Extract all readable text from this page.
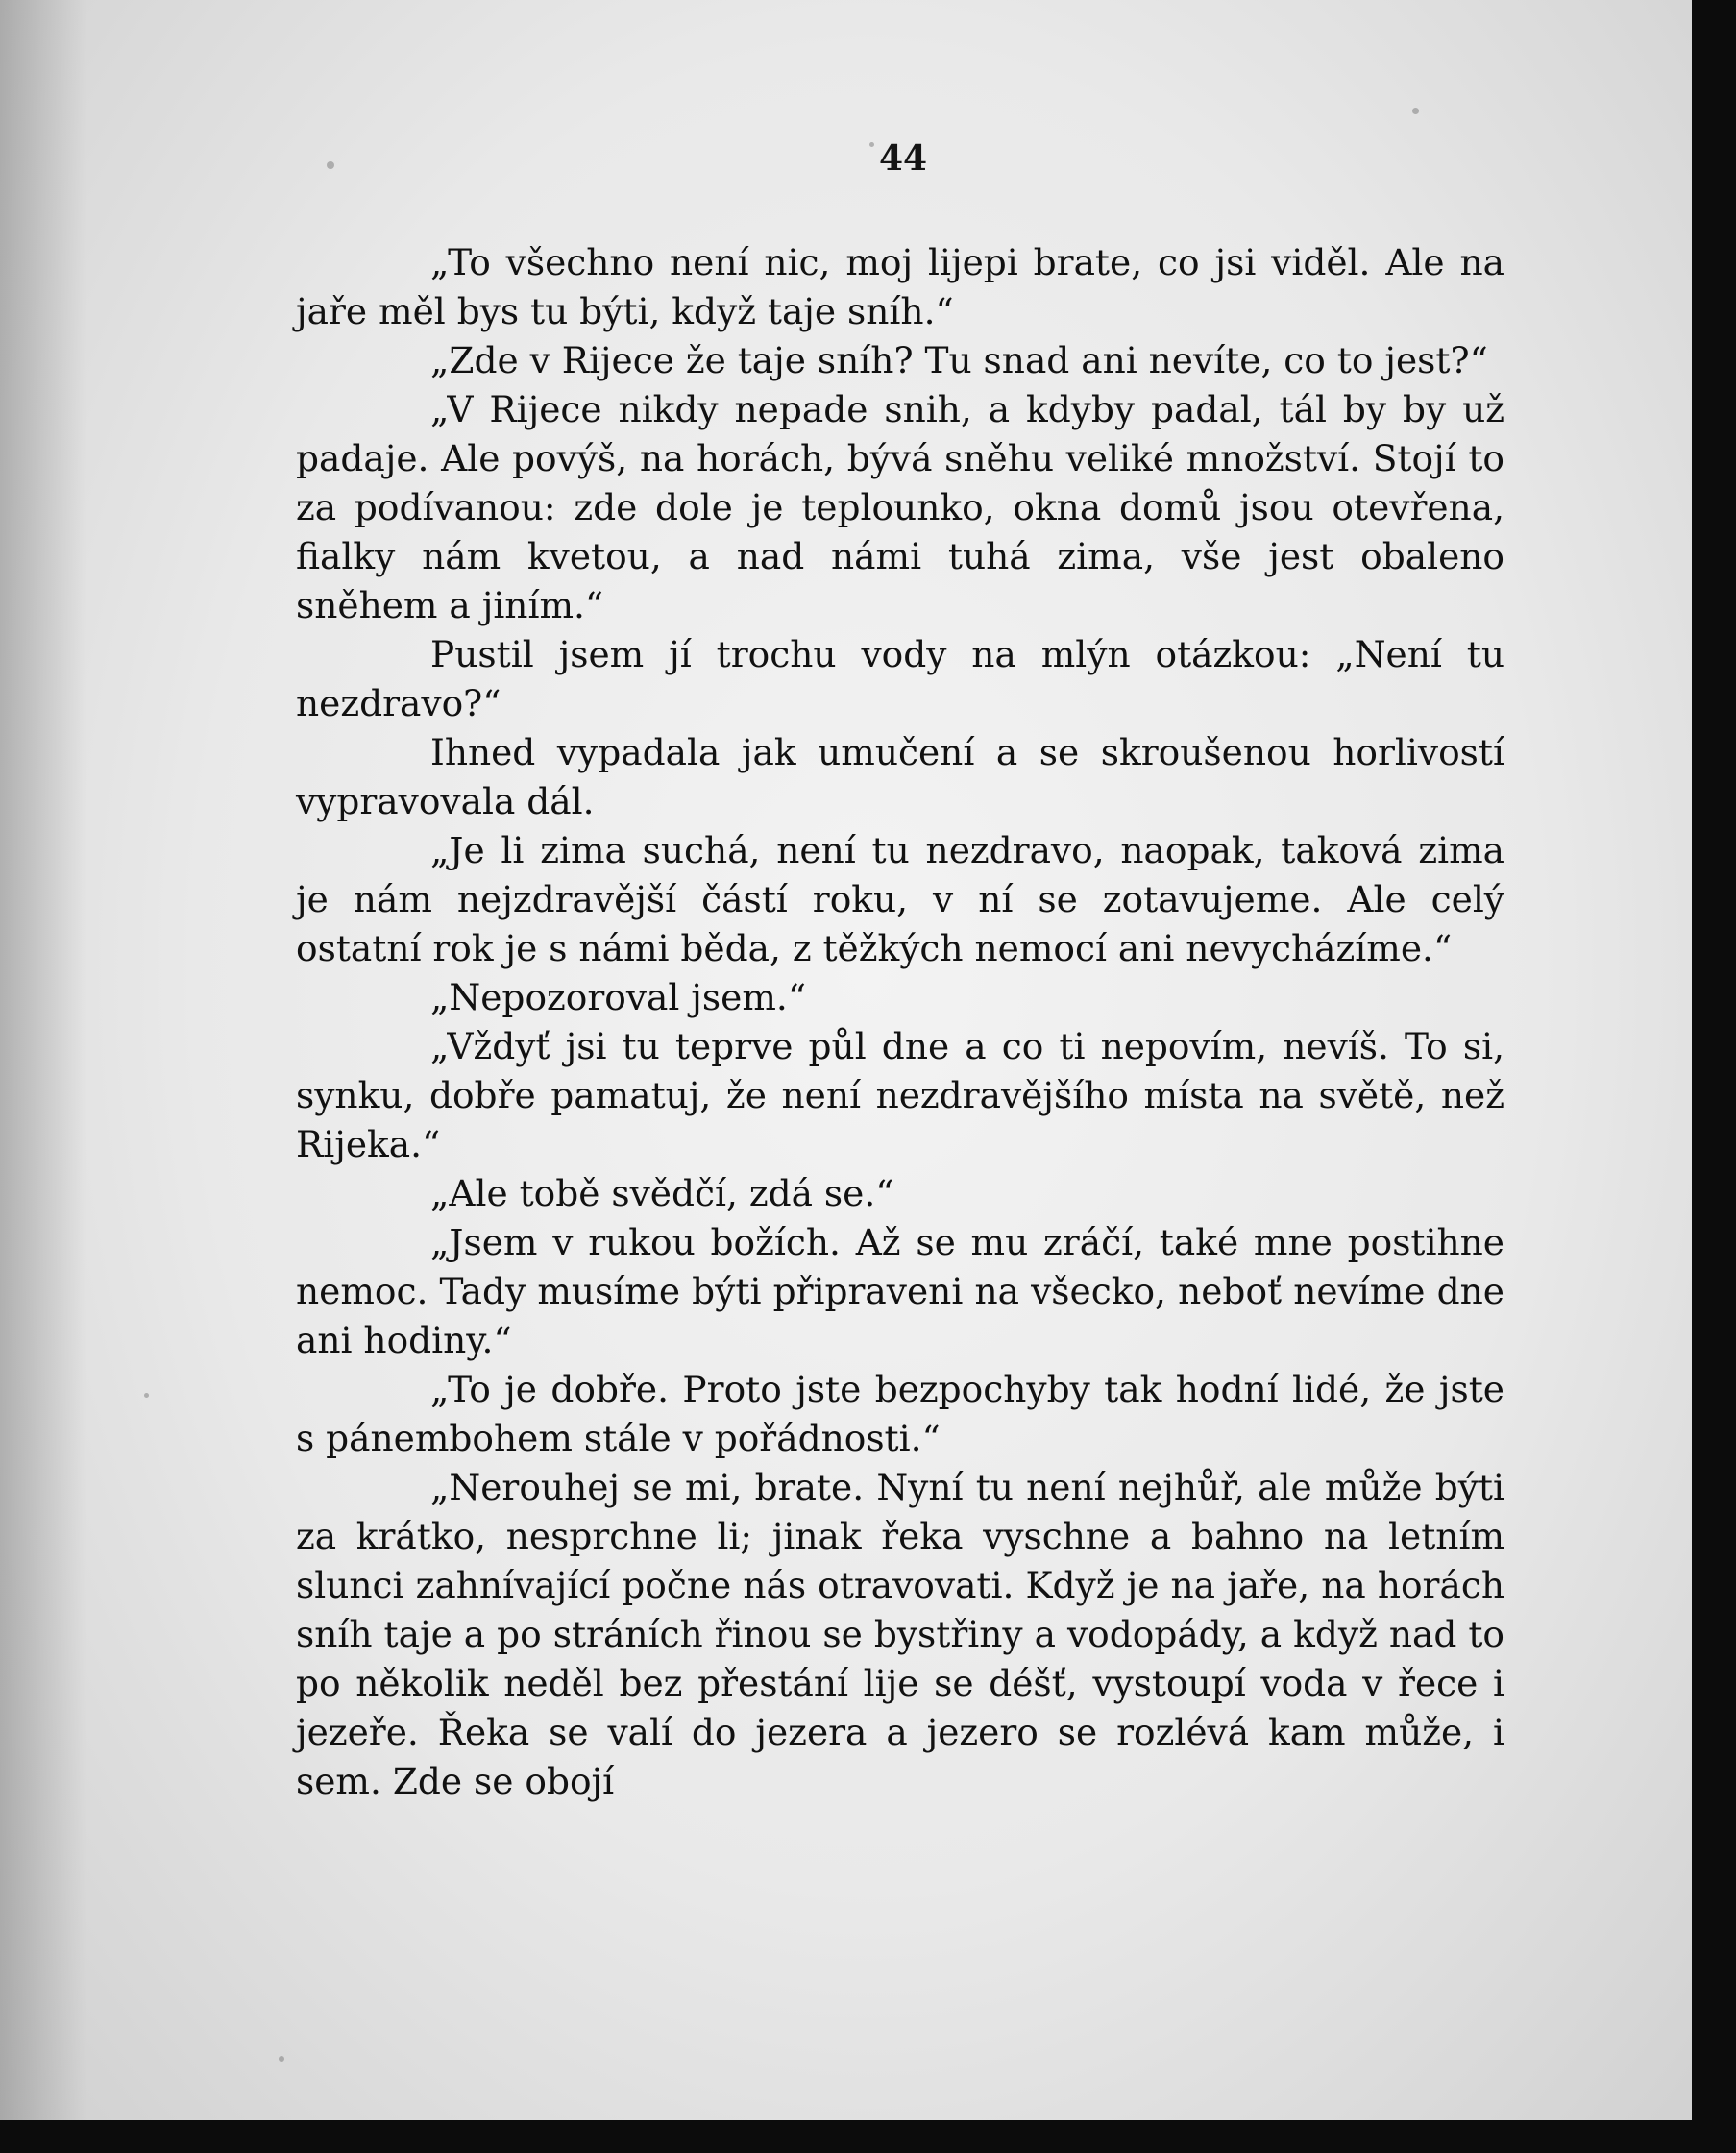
44

„To všechno není nic, moj lijepi brate, co jsi viděl. Ale na jaře měl bys tu býti, když taje sníh.“

„Zde v Rijece že taje sníh? Tu snad ani nevíte, co to jest?“

„V Rijece nikdy nepade snih, a kdyby padal, tál by by už padaje. Ale povýš, na horách, bývá sněhu veliké množství. Stojí to za podívanou: zde dole je teplounko, okna domů jsou otevřena, fialky nám kvetou, a nad námi tuhá zima, vše jest obaleno sněhem a jiním.“

Pustil jsem jí trochu vody na mlýn otázkou: „Není tu nezdravo?“

Ihned vypadala jak umučení a se skroušenou horlivostí vypravovala dál.

„Je li zima suchá, není tu nezdravo, naopak, taková zima je nám nejzdravější částí roku, v ní se zotavujeme. Ale celý ostatní rok je s námi běda, z těžkých nemocí ani nevycházíme.“

„Nepozoroval jsem.“

„Vždyť jsi tu teprve půl dne a co ti nepovím, nevíš. To si, synku, dobře pamatuj, že není nezdravějšího místa na světě, než Rijeka.“

„Ale tobě svědčí, zdá se.“

„Jsem v rukou božích. Až se mu zráčí, také mne postihne nemoc. Tady musíme býti připraveni na všecko, neboť nevíme dne ani hodiny.“

„To je dobře. Proto jste bezpochyby tak hodní lidé, že jste s pánembohem stále v pořádnosti.“

„Nerouhej se mi, brate. Nyní tu není nejhůř, ale může býti za krátko, nesprchne li; jinak řeka vyschne a bahno na letním slunci zahnívající počne nás otravovati. Když je na jaře, na horách sníh taje a po stráních řinou se bystřiny a vodopády, a když nad to po několik neděl bez přestání lije se déšť, vystoupí voda v řece i jezeře. Řeka se valí do jezera a jezero se rozlévá kam může, i sem. Zde se obojí
